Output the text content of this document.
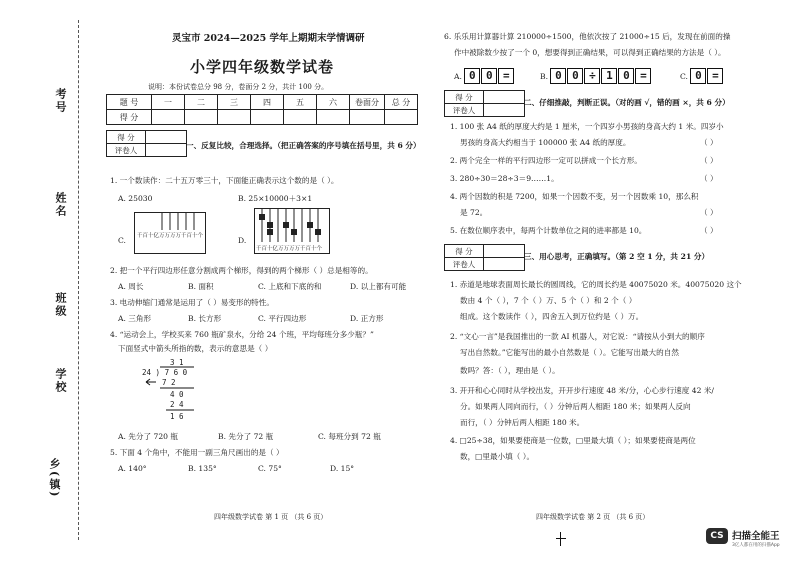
考号
姓名
班级
学校
乡(镇)
灵宝市 2024—2025 学年上期期末学情调研
小学四年级数学试卷
说明：本份试卷总分 98 分，卷面分 2 分，共计 100 分。
题 号	一	二	三	四	五	六	卷面分	总 分
得 分								
得 分	
评卷人		一、反复比较，合理选择。（把正确答案的序号填在括号里，共 6 分）
1. 一个数读作：二十五万零三十，下面能正确表示这个数的是（ ）。
A. 25030	B. 25×10000＋3×1
C.	D.
千百十亿万万万万千百十个
千百十亿万万万万千百十个
2. 把一个平行四边形任意分割成两个梯形，得到的两个梯形（ ）总是相等的。
A. 周长	B. 面积	C. 上底和下底的和	D. 以上都有可能
3. 电动伸缩门通常是运用了（ ）易变形的特性。
A. 三角形	B. 长方形	C. 平行四边形	D. 正方形
4. “运动会上，学校买来 760 瓶矿泉水，分给 24 个班，平均每班分多少瓶？”
下面竖式中箭头所指的数，表示的意思是（ ）
3 1
24 ) 7 6 0
7 2
4 0
2 4
1 6
A. 先分了 720 瓶	B. 先分了 72 瓶	C. 每班分到 72 瓶
5. 下面 4 个角中，不能用一副三角尺画出的是（ ）
A. 140°	B. 135°	C. 75°	D. 15°
四年级数学试卷 第 1 页 （共 6 页）
6. 乐乐用计算器计算 210000÷1500，他依次按了 21000÷15 后，发现在前面的操
作中被除数少按了一个 0，想要得到正确结果，可以得到正确结果的方法是（ ）。
A. 0 0 =	B. 0 0 ÷ 1 0 =	C. 0 =
得 分	
评卷人	
二、仔细推敲，判断正误。（对的画 √，错的画 ×，共 6 分）
1. 100 张 A4 纸的厚度大约是 1 厘米，一个四岁小男孩的身高大约 1 米。四岁小
男孩的身高大约相当于 100000 张 A4 纸的厚度。	（ ）
2. 两个完全一样的平行四边形一定可以拼成一个长方形。	（ ）
3. 280÷30＝28÷3＝9……1。	（ ）
4. 两个因数的积是 7200，如果一个因数不变，另一个因数乘 10，那么积
是 72。	（ ）
5. 在数位顺序表中，每两个计数单位之间的进率都是 10。	（ ）
得 分	
评卷人	
三、用心思考，正确填写。（第 2 空 1 分，共 21 分）
1. 赤道是地球表面周长最长的圆周线，它的周长约是 40075020 米。40075020 这个
数由 4 个（ ），7 个（ ）万、5 个（ ）和 2 个（ ）
组成。这个数读作（ ），四舍五入到万位约是（ ）万。
2. “文心一言”是我国推出的一款 AI 机器人，对它说：“请按从小到大的顺序
写出自然数。”它能写出的最小自然数是（ ）。它能写出最大的自然
数吗？答：（ ），理由是（ ）。
3. 开开和心心同时从学校出发，开开步行速度 48 米/分，心心步行速度 42 米/
分。如果两人同向而行，（ ）分钟后两人相距 180 米；如果两人反向
而行，（ ）分钟后两人相距 180 米。
4. □25÷38，如果要使商是一位数，□里最大填（ ）；如果要使商是两位
数，□里最小填（ ）。
四年级数学试卷 第 2 页 （共 6 页）
CS 扫描全能王
3亿人都在用的扫描App
